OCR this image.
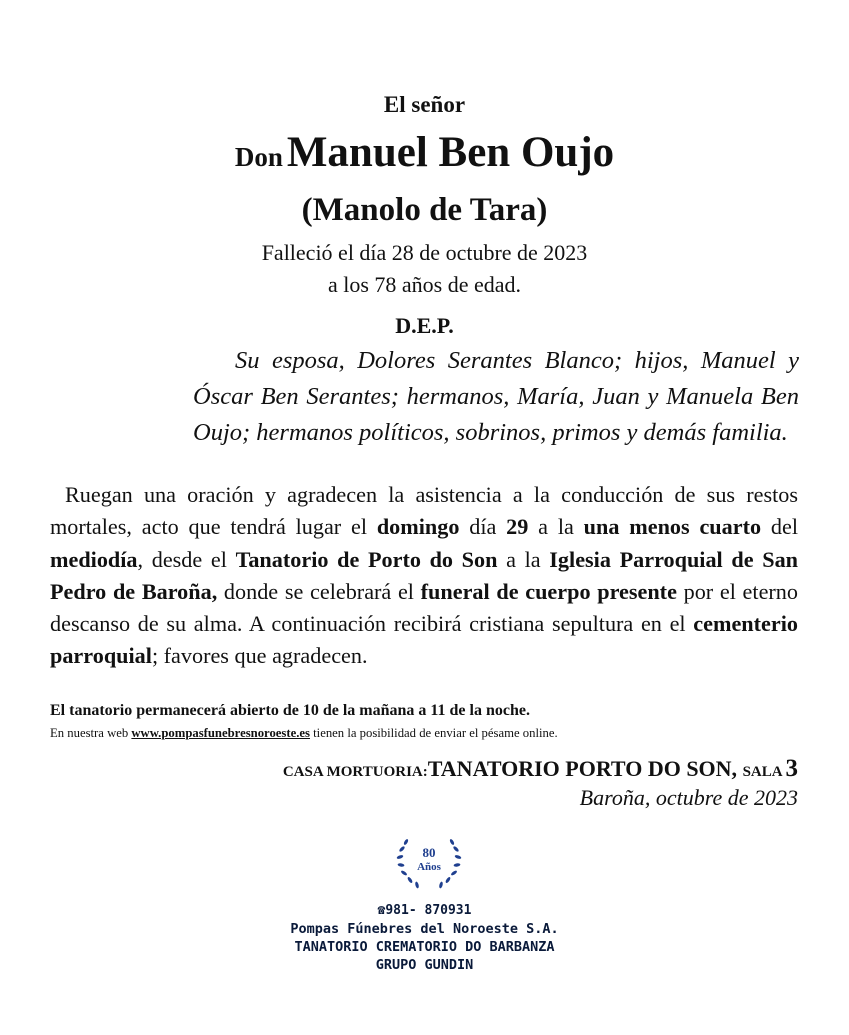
El señor
Don Manuel Ben Oujo
(Manolo de Tara)
Falleció el día 28 de octubre de 2023
a los 78 años de edad.
D.E.P.
Su esposa, Dolores Serantes Blanco; hijos, Manuel y Óscar Ben Serantes; hermanos, María, Juan y Manuela Ben Oujo; hermanos políticos, sobrinos, primos y demás familia.
Ruegan una oración y agradecen la asistencia a la conducción de sus restos mortales, acto que tendrá lugar el domingo día 29 a la una menos cuarto del mediodía, desde el Tanatorio de Porto do Son a la Iglesia Parroquial de San Pedro de Baroña, donde se celebrará el funeral de cuerpo presente por el eterno descanso de su alma. A continuación recibirá cristiana sepultura en el cementerio parroquial; favores que agradecen.
El tanatorio permanecerá abierto de 10 de la mañana a 11 de la noche.
En nuestra web www.pompasfunebresnoroeste.es tienen la posibilidad de enviar el pésame online.
CASA MORTUORIA:TANATORIO PORTO DO SON, SALA 3
Baroña, octubre de 2023
80
Años
☎981- 870931
Pompas Fúnebres del Noroeste S.A.
TANATORIO CREMATORIO DO BARBANZA
GRUPO GUNDIN
